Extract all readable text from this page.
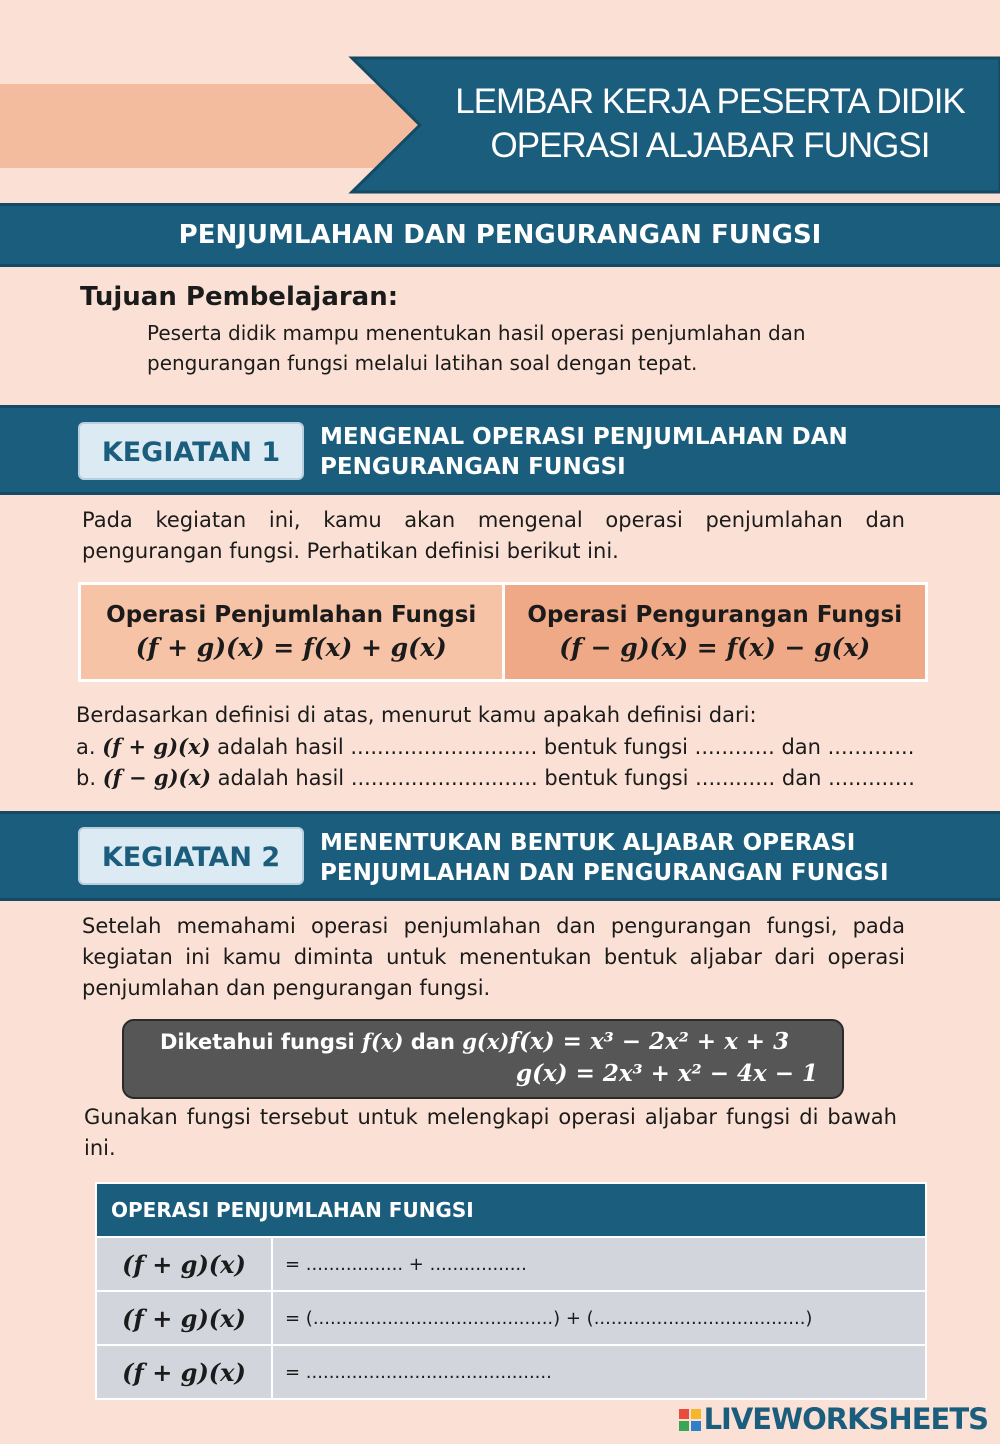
LEMBAR KERJA PESERTA DIDIK
OPERASI ALJABAR FUNGSI
PENJUMLAHAN DAN PENGURANGAN FUNGSI
Tujuan Pembelajaran:
Peserta didik mampu menentukan hasil operasi penjumlahan dan pengurangan fungsi melalui latihan soal dengan tepat.
KEGIATAN 1	MENGENAL OPERASI PENJUMLAHAN DAN
PENGURANGAN FUNGSI
Pada kegiatan ini, kamu akan mengenal operasi penjumlahan dan pengurangan fungsi. Perhatikan definisi berikut ini.
Operasi Penjumlahan Fungsi
(f + g)(x) = f(x) + g(x)
Operasi Pengurangan Fungsi
(f − g)(x) = f(x) − g(x)
Berdasarkan definisi di atas, menurut kamu apakah definisi dari:
a. (f + g)(x) adalah hasil ............................ bentuk fungsi ............ dan .............
b. (f − g)(x) adalah hasil ............................ bentuk fungsi ............ dan .............
KEGIATAN 2	MENENTUKAN BENTUK ALJABAR OPERASI
PENJUMLAHAN DAN PENGURANGAN FUNGSI
Setelah memahami operasi penjumlahan dan pengurangan fungsi, pada kegiatan ini kamu diminta untuk menentukan bentuk aljabar dari operasi penjumlahan dan pengurangan fungsi.
Diketahui fungsi f(x) dan g(x)f(x) = x³ − 2x² + x + 3
g(x) = 2x³ + x² − 4x − 1
Gunakan fungsi tersebut untuk melengkapi operasi aljabar fungsi di bawah ini.
OPERASI PENJUMLAHAN FUNGSI	
(f + g)(x)	= ................. + .................
(f + g)(x)	= (..........................................) + (.....................................)
(f + g)(x)	= ...........................................
LIVEWORKSHEETS
